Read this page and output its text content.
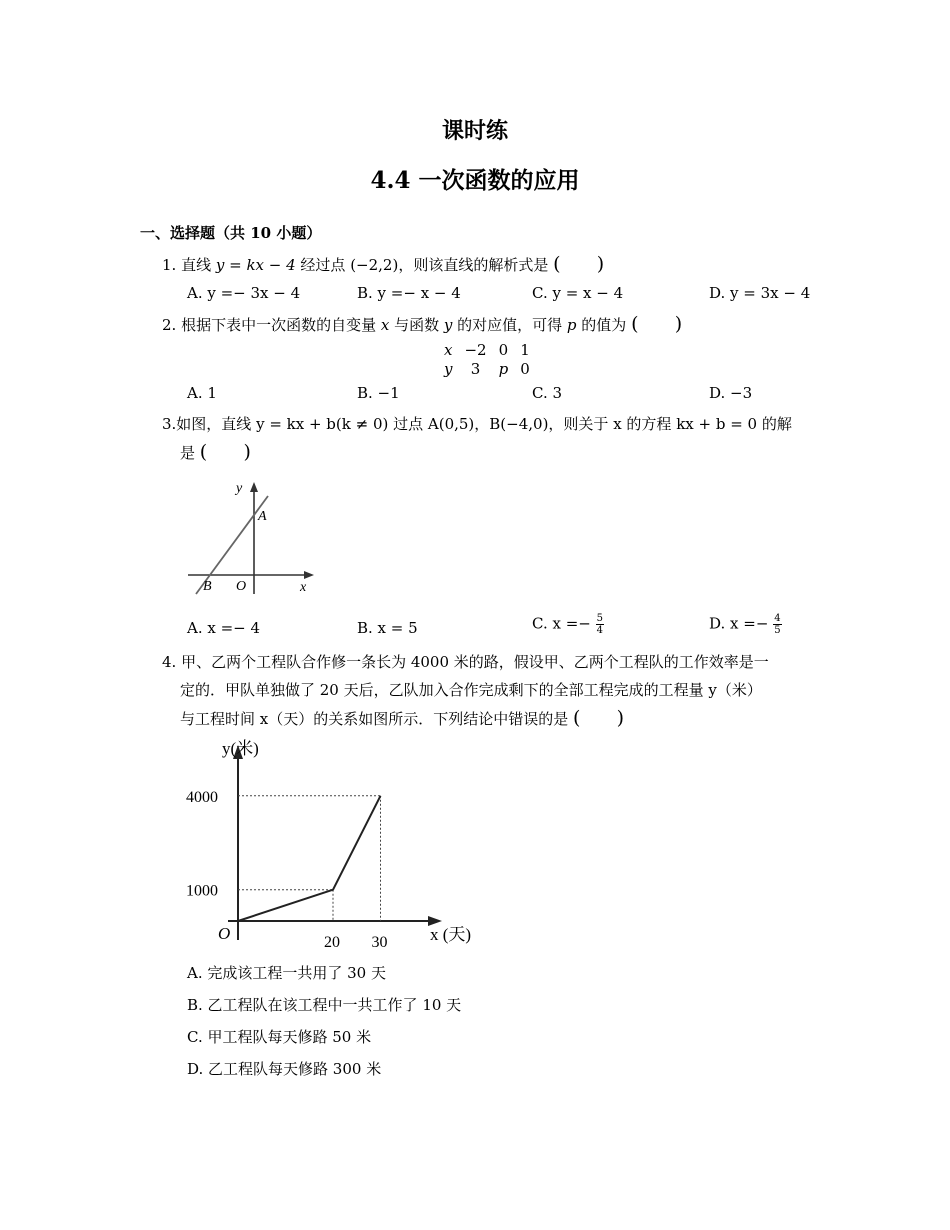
课时练
4.4 一次函数的应用
一、选择题（共 10 小题）
1. 直线 y = kx − 4 经过点 (−2,2)，则该直线的解析式是 (      )
A. y =− 3x − 4	B. y =− x − 4	C. y = x − 4	D. y = 3x − 4
2. 根据下表中一次函数的自变量 x 与函数 y 的对应值，可得 p 的值为 (      )
x	−2	0	1
y	3	p	0
A. 1	B. −1	C. 3	D. −3
3.如图，直线 y = kx + b(k ≠ 0) 过点 A(0,5)，B(−4,0)，则关于 x 的方程 kx + b = 0 的解
是 (      )
y
x
A
B O
A. x =− 4	B. x = 5	C. $x =- \frac{5}{4}$	D. $x =- \frac{4}{5}$
4. 甲、乙两个工程队合作修一条长为 4000 米的路，假设甲、乙两个工程队的工作效率是一
定的．甲队单独做了 20 天后，乙队加入合作完成剩下的全部工程完成的工程量 y（米）
与工程时间 x（天）的关系如图所示．下列结论中错误的是 (      )
4000
1000
20 30
y(米)
x (天)
O
A. 完成该工程一共用了 30 天
B. 乙工程队在该工程中一共工作了 10 天
C. 甲工程队每天修路 50 米
D. 乙工程队每天修路 300 米
